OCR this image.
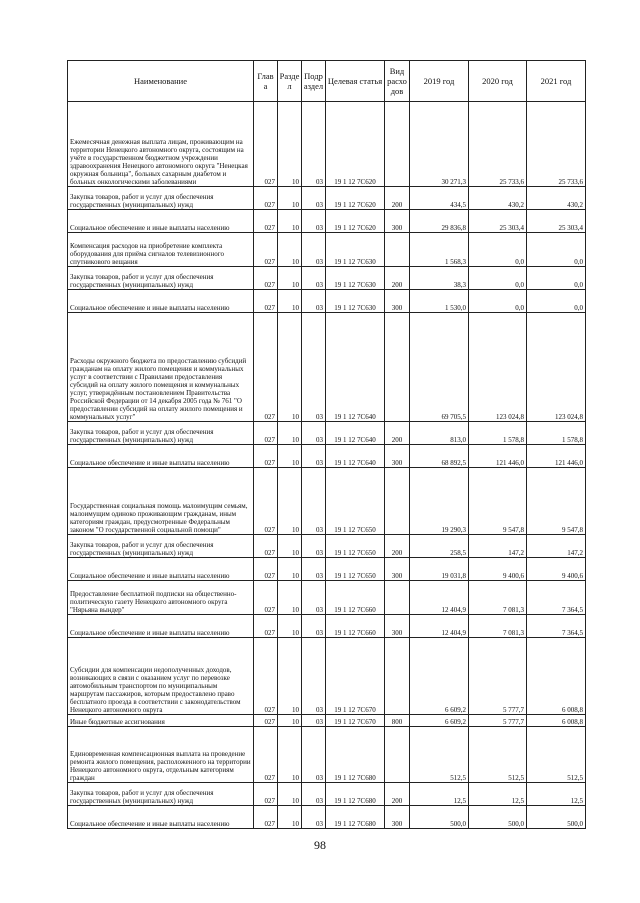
Наименование	Глав а	Разде л	Подр аздел	Целевая статья	Вид расхо дов	2019 год	2020 год	2021 год
Ежемесячная денежная выплата лицам, проживающим на территории Ненецкого автономного округа, состоящим на учёте в государственном бюджетном учреждении здравоохранения Ненецкого автономного округа "Ненецкая окружная больница", больных сахарным диабетом и больных онкологическими заболеваниями	027	10	03	19 1 12 7С620		30 271,3	25 733,6	25 733,6
Закупка товаров, работ и услуг для обеспечения государственных (муниципальных) нужд	027	10	03	19 1 12 7С620	200	434,5	430,2	430,2
Социальное обеспечение и иные выплаты населению	027	10	03	19 1 12 7С620	300	29 836,8	25 303,4	25 303,4
Компенсация расходов на приобретение комплекта оборудования для приёма сигналов телевизионного спутникового вещания	027	10	03	19 1 12 7С630		1 568,3	0,0	0,0
Закупка товаров, работ и услуг для обеспечения государственных (муниципальных) нужд	027	10	03	19 1 12 7С630	200	38,3	0,0	0,0
Социальное обеспечение и иные выплаты населению	027	10	03	19 1 12 7С630	300	1 530,0	0,0	0,0
Расходы окружного бюджета по предоставлению субсидий гражданам на оплату жилого помещения и коммунальных услуг в соответствии с Правилами предоставления субсидий на оплату жилого помещения и коммунальных услуг, утверждённым постановлением Правительства Российской Федерации от 14 декабря 2005 года № 761 "О предоставлении субсидий на оплату жилого помещения и коммунальных услуг"	027	10	03	19 1 12 7С640		69 705,5	123 024,8	123 024,8
Закупка товаров, работ и услуг для обеспечения государственных (муниципальных) нужд	027	10	03	19 1 12 7С640	200	813,0	1 578,8	1 578,8
Социальное обеспечение и иные выплаты населению	027	10	03	19 1 12 7С640	300	68 892,5	121 446,0	121 446,0
Государственная социальная помощь малоимущим семьям, малоимущим одиноко проживающим гражданам, иным категориям граждан, предусмотренные Федеральным законом "О государственной социальной помощи"	027	10	03	19 1 12 7С650		19 290,3	9 547,8	9 547,8
Закупка товаров, работ и услуг для обеспечения государственных (муниципальных) нужд	027	10	03	19 1 12 7С650	200	258,5	147,2	147,2
Социальное обеспечение и иные выплаты населению	027	10	03	19 1 12 7С650	300	19 031,8	9 400,6	9 400,6
Предоставление бесплатной подписки на общественно-политическую газету Ненецкого автономного округа "Нярьяна вындер"	027	10	03	19 1 12 7С660		12 404,9	7 081,3	7 364,5
Социальное обеспечение и иные выплаты населению	027	10	03	19 1 12 7С660	300	12 404,9	7 081,3	7 364,5
Субсидии для компенсации недополученных доходов, возникающих в связи с оказанием услуг по перевозке автомобильным транспортом по муниципальным маршрутам пассажиров, которым предоставлено право бесплатного проезда в соответствии с законодательством Ненецкого автономного округа	027	10	03	19 1 12 7С670		6 609,2	5 777,7	6 008,8
Иные бюджетные ассигнования	027	10	03	19 1 12 7С670	800	6 609,2	5 777,7	6 008,8
Единовременная компенсационная выплата на проведение ремонта жилого помещения, расположенного на территории Ненецкого автономного округа, отдельным категориям граждан	027	10	03	19 1 12 7С680		512,5	512,5	512,5
Закупка товаров, работ и услуг для обеспечения государственных (муниципальных) нужд	027	10	03	19 1 12 7С680	200	12,5	12,5	12,5
Социальное обеспечение и иные выплаты населению	027	10	03	19 1 12 7С680	300	500,0	500,0	500,0
98
